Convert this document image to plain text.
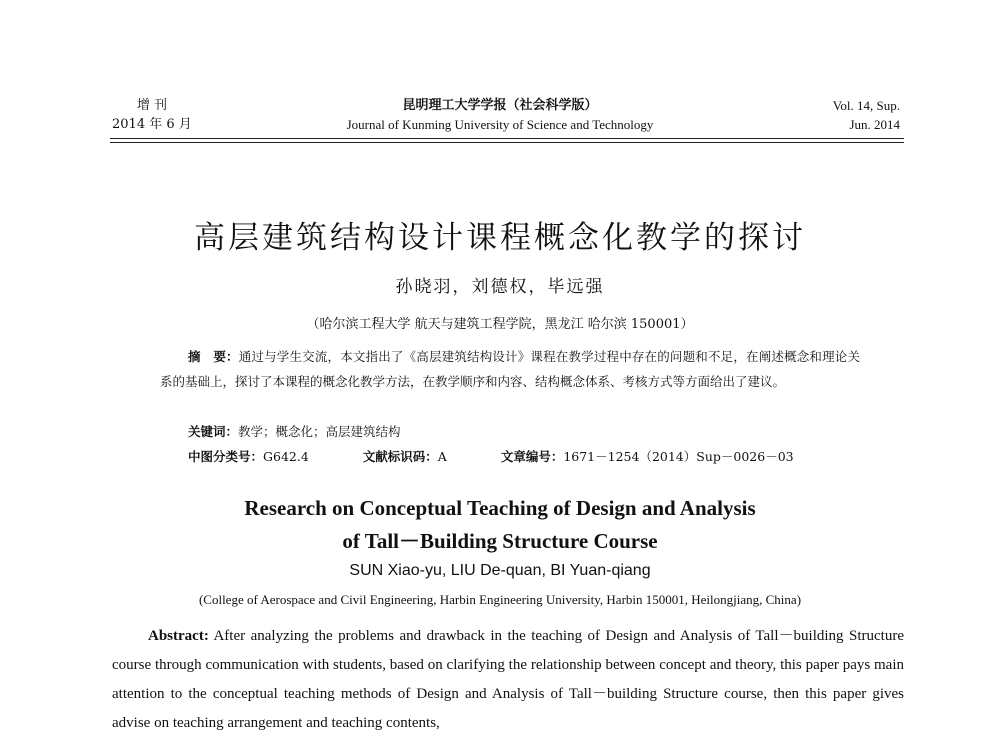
增 刊
2014 年 6 月
昆明理工大学学报（社会科学版）
Journal of Kunming University of Science and Technology
Vol. 14, Sup.
Jun. 2014
高层建筑结构设计课程概念化教学的探讨
孙晓羽，刘德权，毕远强
（哈尔滨工程大学 航天与建筑工程学院，黑龙江 哈尔滨 150001）
摘　要：通过与学生交流，本文指出了《高层建筑结构设计》课程在教学过程中存在的问题和不足，在阐述概念和理论关系的基础上，探讨了本课程的概念化教学方法，在教学顺序和内容、结构概念体系、考核方式等方面给出了建议。
关键词：教学；概念化；高层建筑结构
中图分类号：G642.4	文献标识码：A	文章编号：1671－1254（2014）Sup－0026－03
Research on Conceptual Teaching of Design and Analysis
of Tall－Building Structure Course
SUN Xiao-yu, LIU De-quan, BI Yuan-qiang
(College of Aerospace and Civil Engineering, Harbin Engineering University, Harbin 150001, Heilongjiang, China)
Abstract: After analyzing the problems and drawback in the teaching of Design and Analysis of Tall－building Structure course through communication with students, based on clarifying the relationship between concept and theory, this paper pays main attention to the conceptual teaching methods of Design and Analysis of Tall－building Structure course, then this paper gives advise on teaching arrangement and teaching contents,
